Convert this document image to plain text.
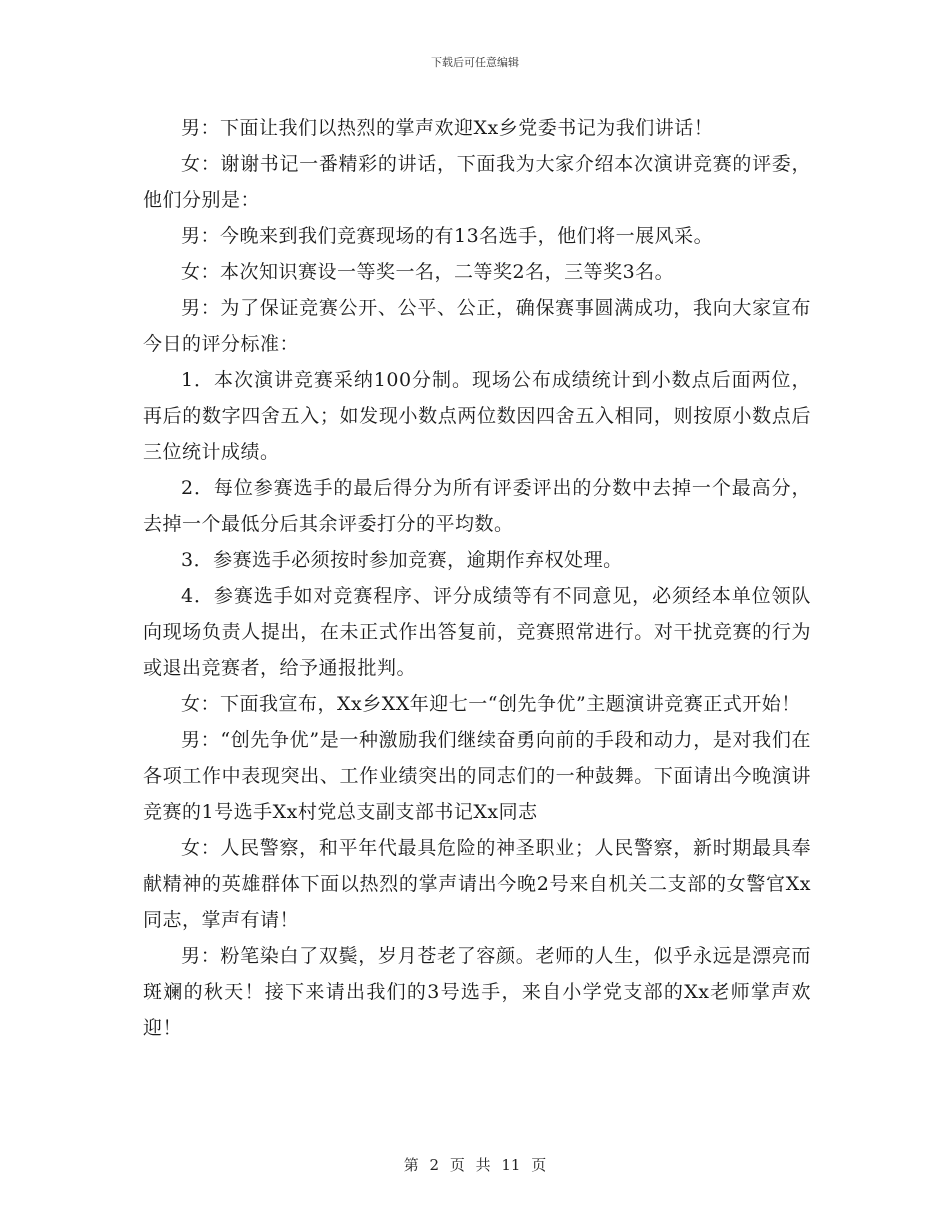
下载后可任意编辑

男：下面让我们以热烈的掌声欢迎Xx乡党委书记为我们讲话！

女：谢谢书记一番精彩的讲话，下面我为大家介绍本次演讲竞赛的评委，他们分别是：

男：今晚来到我们竞赛现场的有13名选手，他们将一展风采。

女：本次知识赛设一等奖一名，二等奖2名，三等奖3名。

男：为了保证竞赛公开、公平、公正，确保赛事圆满成功，我向大家宣布今日的评分标准：

1．本次演讲竞赛采纳100分制。现场公布成绩统计到小数点后面两位，再后的数字四舍五入；如发现小数点两位数因四舍五入相同，则按原小数点后三位统计成绩。

2．每位参赛选手的最后得分为所有评委评出的分数中去掉一个最高分，去掉一个最低分后其余评委打分的平均数。

3．参赛选手必须按时参加竞赛，逾期作弃权处理。

4．参赛选手如对竞赛程序、评分成绩等有不同意见，必须经本单位领队向现场负责人提出，在未正式作出答复前，竞赛照常进行。对干扰竞赛的行为或退出竞赛者，给予通报批判。

女：下面我宣布，Xx乡XX年迎七一“创先争优”主题演讲竞赛正式开始！

男：“创先争优”是一种激励我们继续奋勇向前的手段和动力，是对我们在各项工作中表现突出、工作业绩突出的同志们的一种鼓舞。下面请出今晚演讲竞赛的1号选手Xx村党总支副支部书记Xx同志

女：人民警察，和平年代最具危险的神圣职业；人民警察，新时期最具奉献精神的英雄群体下面以热烈的掌声请出今晚2号来自机关二支部的女警官Xx同志，掌声有请！

男：粉笔染白了双鬓，岁月苍老了容颜。老师的人生，似乎永远是漂亮而斑斓的秋天！接下来请出我们的3号选手，来自小学党支部的Xx老师掌声欢迎！

第 2 页 共 11 页
